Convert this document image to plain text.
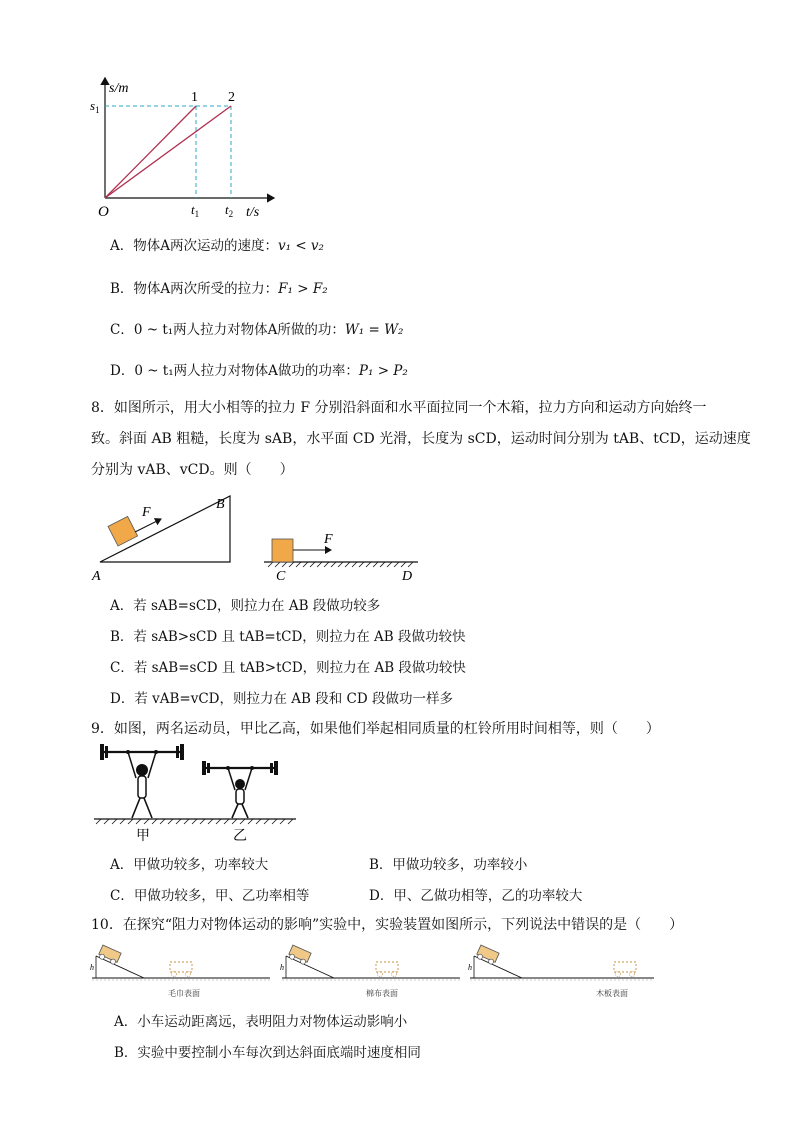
s/m
t/s
O
$s_1$
$t_1$ $t_2$
1 2
A．物体A两次运动的速度：v₁ < v₂
B．物体A两次所受的拉力：F₁ > F₂
C．0 ~ t₁两人拉力对物体A所做的功：W₁ = W₂
D．0 ~ t₁两人拉力对物体A做功的功率：P₁ > P₂
8．如图所示，用大小相等的拉力 F 分别沿斜面和水平面拉同一个木箱，拉力方向和运动方向始终一
致。斜面 AB 粗糙，长度为 sAB，水平面 CD 光滑，长度为 sCD，运动时间分别为 tAB、tCD，运动速度
分别为 vAB、vCD。则（　　）
F
B
A
F
C	D
A．若 sAB=sCD，则拉力在 AB 段做功较多
B．若 sAB>sCD 且 tAB=tCD，则拉力在 AB 段做功较快
C．若 sAB=sCD 且 tAB>tCD，则拉力在 AB 段做功较快
D．若 vAB=vCD，则拉力在 AB 段和 CD 段做功一样多
9．如图，两名运动员，甲比乙高，如果他们举起相同质量的杠铃所用时间相等，则（　　）
甲	乙
A．甲做功较多，功率较大	B．甲做功较多，功率较小
C．甲做功较多，甲、乙功率相等	D．甲、乙做功相等，乙的功率较大
10．在探究“阻力对物体运动的影响”实验中，实验装置如图所示，下列说法中错误的是（　　）
h
毛巾表面
h
棉布表面
h
木板表面
A．小车运动距离远，表明阻力对物体运动影响小
B．实验中要控制小车每次到达斜面底端时速度相同
